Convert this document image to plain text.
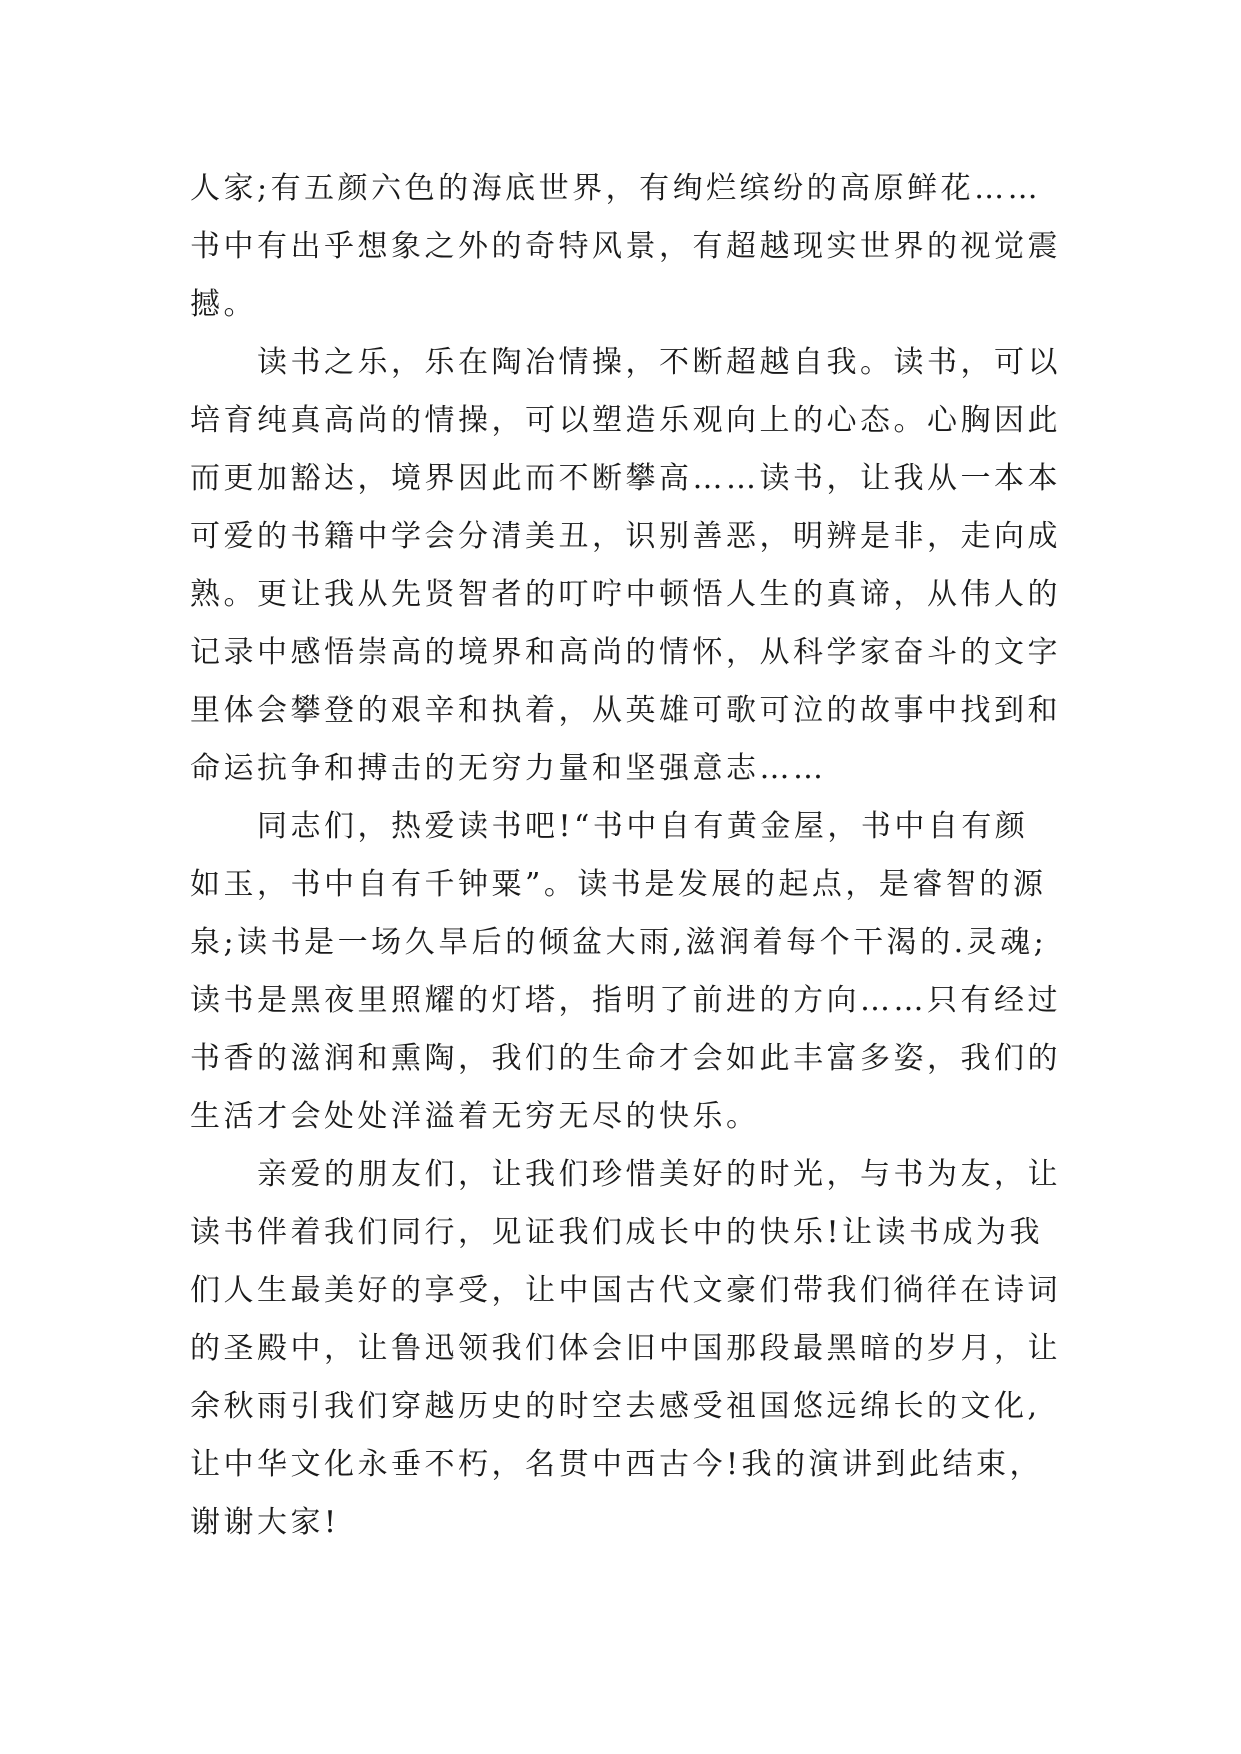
人家;有五颜六色的海底世界，有绚烂缤纷的高原鲜花……
书中有出乎想象之外的奇特风景，有超越现实世界的视觉震
撼。
　　读书之乐，乐在陶冶情操，不断超越自我。读书，可以
培育纯真高尚的情操，可以塑造乐观向上的心态。心胸因此
而更加豁达，境界因此而不断攀高……读书，让我从一本本
可爱的书籍中学会分清美丑，识别善恶，明辨是非，走向成
熟。更让我从先贤智者的叮咛中顿悟人生的真谛，从伟人的
记录中感悟崇高的境界和高尚的情怀，从科学家奋斗的文字
里体会攀登的艰辛和执着，从英雄可歌可泣的故事中找到和
命运抗争和搏击的无穷力量和坚强意志……
　　同志们，热爱读书吧!“书中自有黄金屋，书中自有颜
如玉，书中自有千钟粟”。读书是发展的起点，是睿智的源
泉;读书是一场久旱后的倾盆大雨,滋润着每个干渴的.灵魂;
读书是黑夜里照耀的灯塔，指明了前进的方向……只有经过
书香的滋润和熏陶，我们的生命才会如此丰富多姿，我们的
生活才会处处洋溢着无穷无尽的快乐。
　　亲爱的朋友们，让我们珍惜美好的时光，与书为友，让
读书伴着我们同行，见证我们成长中的快乐!让读书成为我
们人生最美好的享受，让中国古代文豪们带我们徜徉在诗词
的圣殿中，让鲁迅领我们体会旧中国那段最黑暗的岁月，让
余秋雨引我们穿越历史的时空去感受祖国悠远绵长的文化,
让中华文化永垂不朽，名贯中西古今!我的演讲到此结束，
谢谢大家!
